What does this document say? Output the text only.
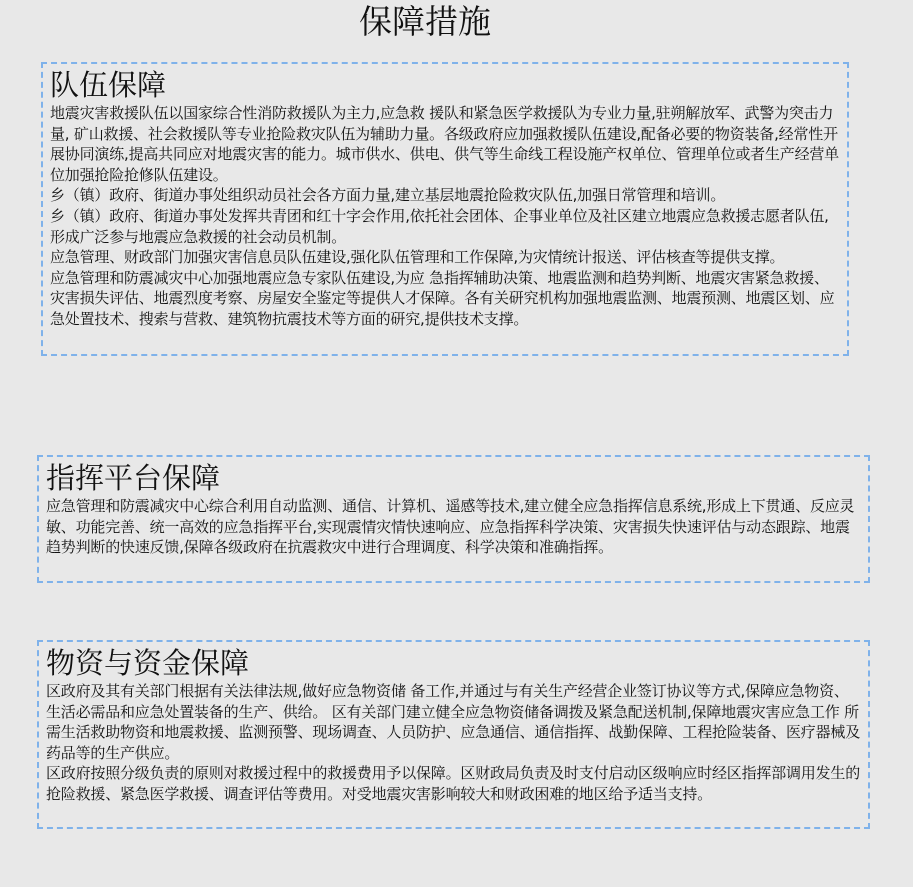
保障措施
队伍保障

地震灾害救援队伍以国家综合性消防救援队为主力,应急救 援队和紧急医学救援队为专业力量,驻朔解放军、武警为突击力量, 矿山救援、社会救援队等专业抢险救灾队伍为辅助力量。各级政府应加强救援队伍建设,配备必要的物资装备,经常性开展协同演练,提高共同应对地震灾害的能力。城市供水、供电、供气等生命线工程设施产权单位、管理单位或者生产经营单位加强抢险抢修队伍建设。

乡（镇）政府、街道办事处组织动员社会各方面力量,建立基层地震抢险救灾队伍,加强日常管理和培训。

乡（镇）政府、街道办事处发挥共青团和红十字会作用,依托社会团体、企事业单位及社区建立地震应急救援志愿者队伍,形成广泛参与地震应急救援的社会动员机制。

应急管理、财政部门加强灾害信息员队伍建设,强化队伍管理和工作保障,为灾情统计报送、评估核查等提供支撑。

应急管理和防震减灾中心加强地震应急专家队伍建设,为应 急指挥辅助决策、地震监测和趋势判断、地震灾害紧急救援、灾害损失评估、地震烈度考察、房屋安全鉴定等提供人才保障。各有关研究机构加强地震监测、地震预测、地震区划、应急处置技术、搜索与营救、建筑物抗震技术等方面的研究,提供技术支撑。

指挥平台保障

应急管理和防震减灾中心综合利用自动监测、通信、计算机、遥感等技术,建立健全应急指挥信息系统,形成上下贯通、反应灵敏、功能完善、统一高效的应急指挥平台,实现震情灾情快速响应、应急指挥科学决策、灾害损失快速评估与动态跟踪、地震趋势判断的快速反馈,保障各级政府在抗震救灾中进行合理调度、科学决策和准确指挥。

物资与资金保障

区政府及其有关部门根据有关法律法规,做好应急物资储 备工作,并通过与有关生产经营企业签订协议等方式,保障应急物资、生活必需品和应急处置装备的生产、供给。 区有关部门建立健全应急物资储备调拨及紧急配送机制,保障地震灾害应急工作 所需生活救助物资和地震救援、监测预警、现场调查、人员防护、应急通信、通信指挥、战勤保障、工程抢险装备、医疗器械及药品等的生产供应。

区政府按照分级负责的原则对救援过程中的救援费用予以保障。区财政局负责及时支付启动区级响应时经区指挥部调用发生的抢险救援、紧急医学救援、调查评估等费用。对受地震灾害影响较大和财政困难的地区给予适当支持。
